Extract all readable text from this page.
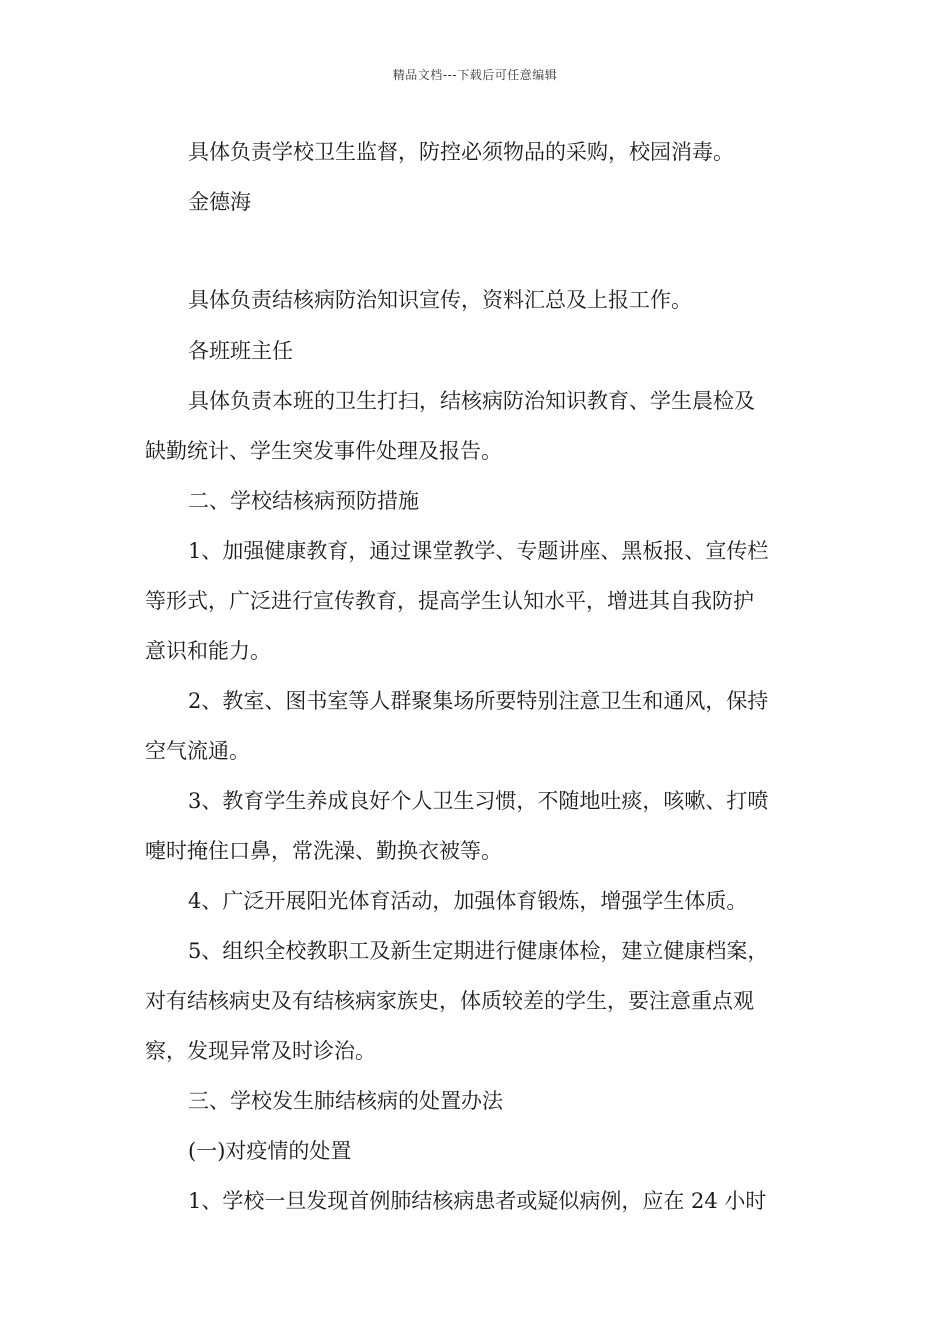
精品文档---下载后可任意编辑
具体负责学校卫生监督，防控必须物品的采购，校园消毒。
金德海
具体负责结核病防治知识宣传，资料汇总及上报工作。
各班班主任
具体负责本班的卫生打扫，结核病防治知识教育、学生晨检及
缺勤统计、学生突发事件处理及报告。
二、学校结核病预防措施
1、加强健康教育，通过课堂教学、专题讲座、黑板报、宣传栏
等形式，广泛进行宣传教育，提高学生认知水平，增进其自我防护
意识和能力。
2、教室、图书室等人群聚集场所要特别注意卫生和通风，保持
空气流通。
3、教育学生养成良好个人卫生习惯，不随地吐痰，咳嗽、打喷
嚏时掩住口鼻，常洗澡、勤换衣被等。
4、广泛开展阳光体育活动，加强体育锻炼，增强学生体质。
5、组织全校教职工及新生定期进行健康体检，建立健康档案，
对有结核病史及有结核病家族史，体质较差的学生，要注意重点观
察，发现异常及时诊治。
三、学校发生肺结核病的处置办法
(一)对疫情的处置
1、学校一旦发现首例肺结核病患者或疑似病例，应在 24 小时
